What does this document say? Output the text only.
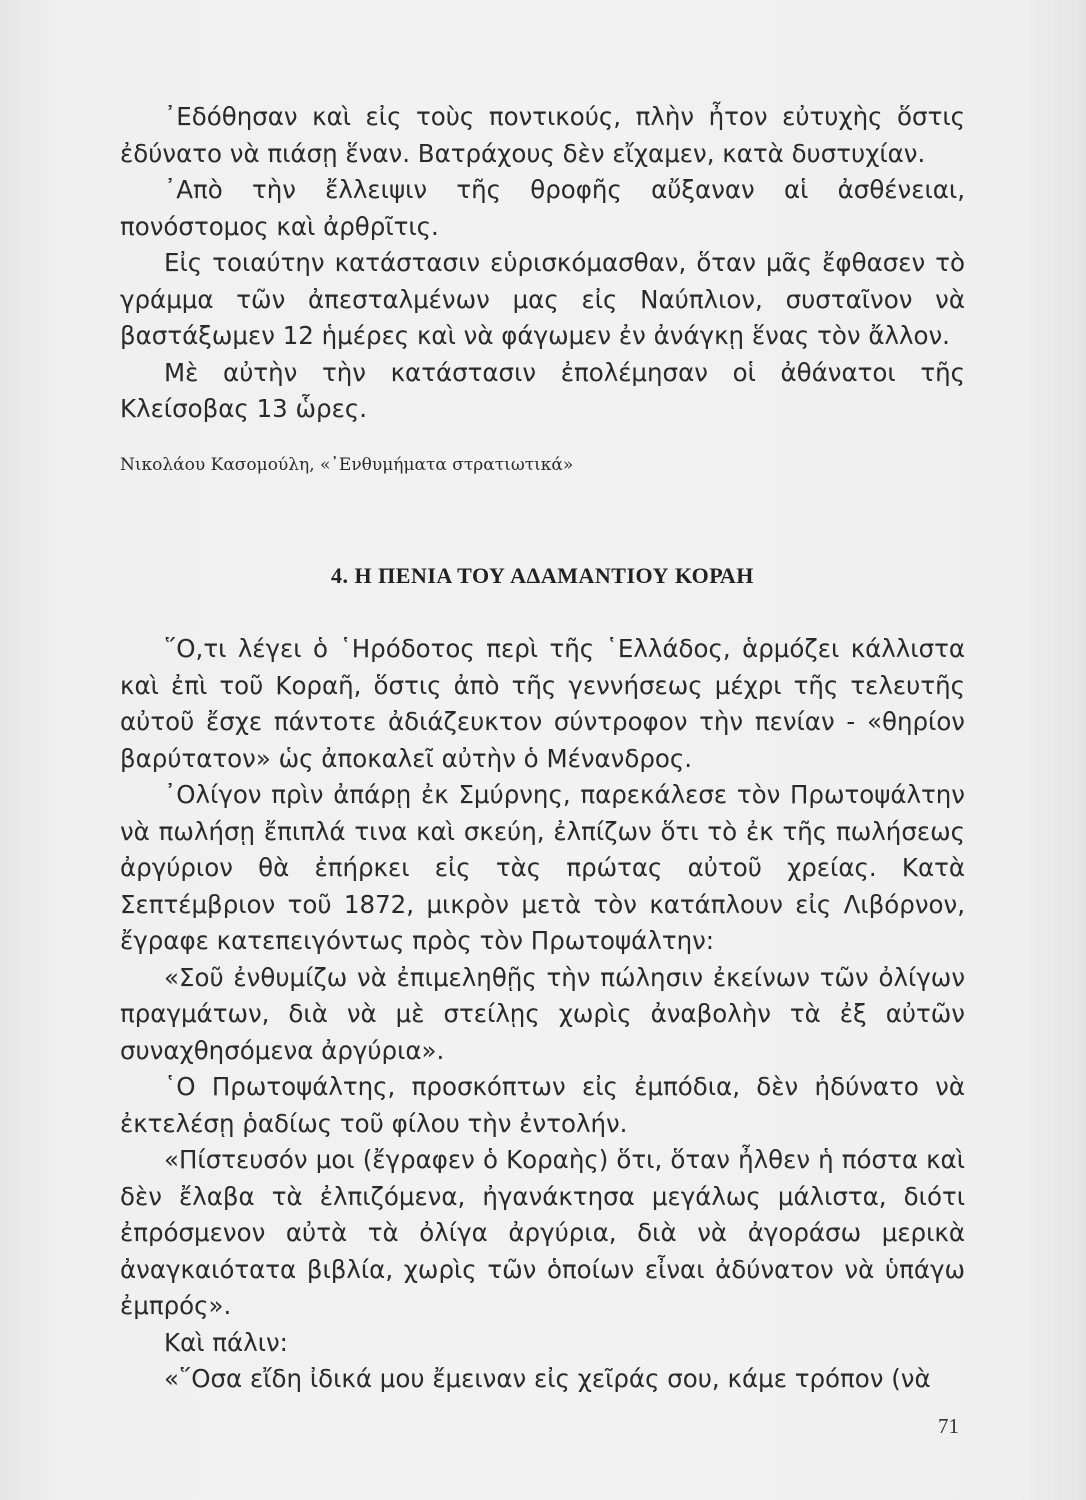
᾿Εδόθησαν καὶ εἰς τοὺς ποντικούς, πλὴν ἦτον εὐτυχὴς ὅστις ἐδύνατο νὰ πιάσῃ ἕναν. Βατράχους δὲν εἴχαμεν, κατὰ δυστυχίαν.

᾿Απὸ τὴν ἔλλειψιν τῆς θροφῆς αὔξαναν αἱ ἀσθένειαι, πονόστομος καὶ ἀρθρῖτις.

Εἰς τοιαύτην κατάστασιν εὑρισκόμασθαν, ὅταν μᾶς ἔφθασεν τὸ γράμμα τῶν ἀπεσταλμένων μας εἰς Ναύπλιον, συσταῖνον νὰ βαστάξωμεν 12 ἡμέρες καὶ νὰ φάγωμεν ἐν ἀνάγκῃ ἕνας τὸν ἄλλον.

Μὲ αὐτὴν τὴν κατάστασιν ἐπολέμησαν οἱ ἀθάνατοι τῆς Κλείσοβας 13 ὧρες.

Νικολάου Κασομούλη, «᾿Ενθυμήματα στρατιωτικά»
4. Η ΠΕΝΙΑ ΤΟΥ ΑΔΑΜΑΝΤΙΟΥ ΚΟΡΑΗ

῞Ο,τι λέγει ὁ ῾Ηρόδοτος περὶ τῆς ῾Ελλάδος, ἁρμόζει κάλλιστα καὶ ἐπὶ τοῦ Κοραῆ, ὅστις ἀπὸ τῆς γεννήσεως μέχρι τῆς τελευτῆς αὐτοῦ ἔσχε πάντοτε ἀδιάζευκτον σύντροφον τὴν πενίαν - «θηρίον βαρύτατον» ὡς ἀποκαλεῖ αὐτὴν ὁ Μένανδρος.

᾿Ολίγον πρὶν ἀπάρῃ ἐκ Σμύρνης, παρεκάλεσε τὸν Πρωτοψάλτην νὰ πωλήσῃ ἔπιπλά τινα καὶ σκεύη, ἐλπίζων ὅτι τὸ ἐκ τῆς πωλήσεως ἀργύριον θὰ ἐπήρκει εἰς τὰς πρώτας αὐτοῦ χρείας. Κατὰ Σεπτέμβριον τοῦ 1872, μικρὸν μετὰ τὸν κατάπλουν εἰς Λιβόρνον, ἔγραφε κατεπειγόντως πρὸς τὸν Πρωτοψάλτην:

«Σοῦ ἐνθυμίζω νὰ ἐπιμεληθῇς τὴν πώλησιν ἐκείνων τῶν ὀλίγων πραγμάτων, διὰ νὰ μὲ στείλῃς χωρὶς ἀναβολὴν τὰ ἐξ αὐτῶν συναχθησόμενα ἀργύρια».

῾Ο Πρωτοψάλτης, προσκόπτων εἰς ἐμπόδια, δὲν ἠδύνατο νὰ ἐκτελέσῃ ῥαδίως τοῦ φίλου τὴν ἐντολήν.

«Πίστευσόν μοι (ἔγραφεν ὁ Κοραὴς) ὅτι, ὅταν ἦλθεν ἡ πόστα καὶ δὲν ἔλαβα τὰ ἐλπιζόμενα, ἠγανάκτησα μεγάλως μάλιστα, διότι ἐπρόσμενον αὐτὰ τὰ ὀλίγα ἀργύρια, διὰ νὰ ἀγοράσω μερικὰ ἀναγκαιότατα βιβλία, χωρὶς τῶν ὁποίων εἶναι ἀδύνατον νὰ ὑπάγω ἐμπρός».

Καὶ πάλιν:

«῞Οσα εἴδη ἰδικά μου ἔμειναν εἰς χεῖράς σου, κάμε τρόπον (νὰ

71
